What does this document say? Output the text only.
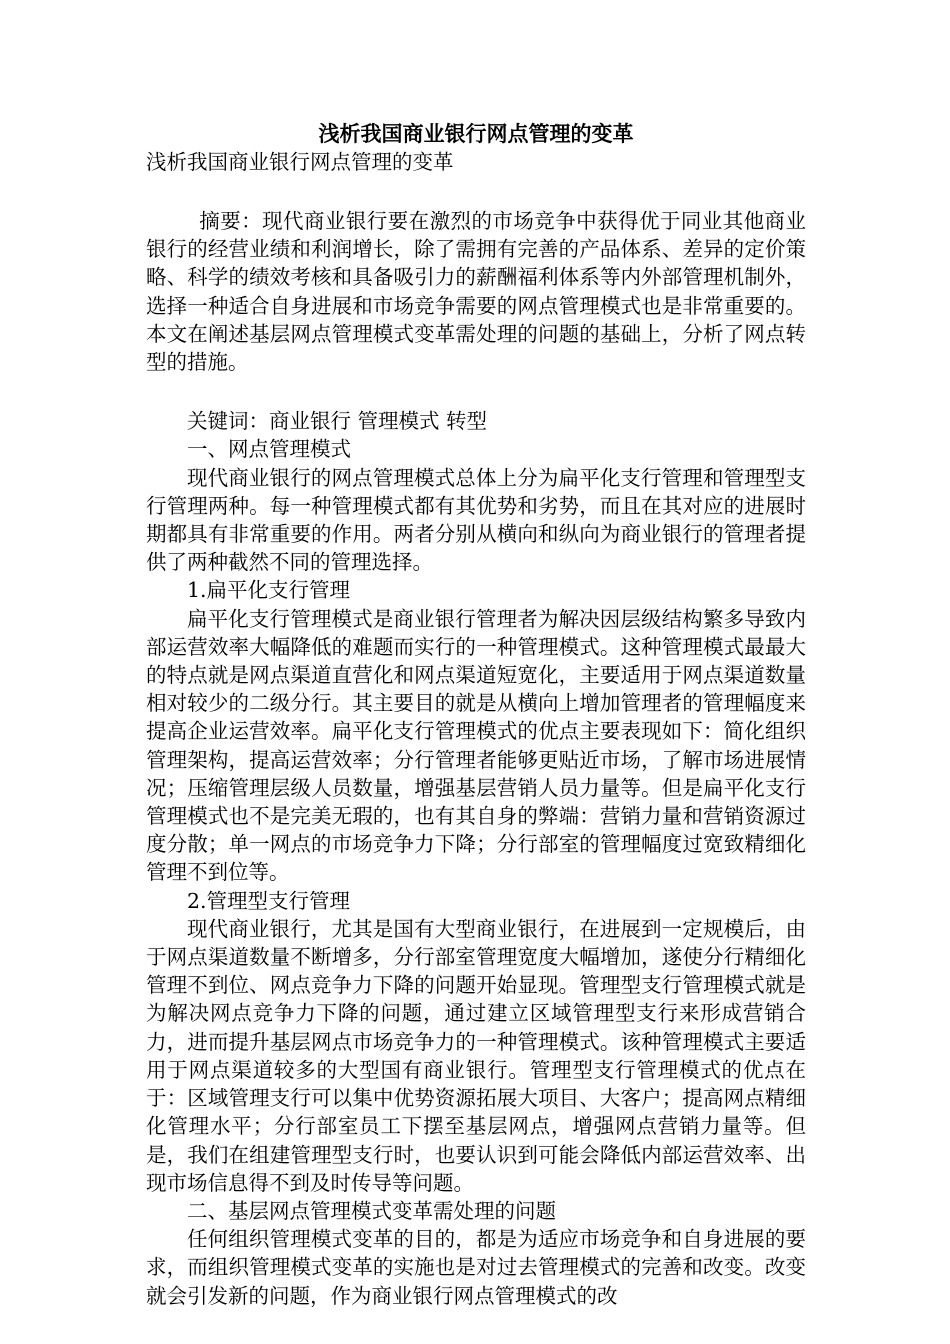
浅析我国商业银行网点管理的变革

浅析我国商业银行网点管理的变革

摘要：现代商业银行要在激烈的市场竞争中获得优于同业其他商业银行的经营业绩和利润增长，除了需拥有完善的产品体系、差异的定价策略、科学的绩效考核和具备吸引力的薪酬福利体系等内外部管理机制外，选择一种适合自身进展和市场竞争需要的网点管理模式也是非常重要的。本文在阐述基层网点管理模式变革需处理的问题的基础上，分析了网点转型的措施。

关键词：商业银行 管理模式 转型

一、网点管理模式

现代商业银行的网点管理模式总体上分为扁平化支行管理和管理型支行管理两种。每一种管理模式都有其优势和劣势，而且在其对应的进展时期都具有非常重要的作用。两者分别从横向和纵向为商业银行的管理者提供了两种截然不同的管理选择。

1.扁平化支行管理

扁平化支行管理模式是商业银行管理者为解决因层级结构繁多导致内部运营效率大幅降低的难题而实行的一种管理模式。这种管理模式最最大的特点就是网点渠道直营化和网点渠道短宽化，主要适用于网点渠道数量相对较少的二级分行。其主要目的就是从横向上增加管理者的管理幅度来提高企业运营效率。扁平化支行管理模式的优点主要表现如下：简化组织管理架构，提高运营效率；分行管理者能够更贴近市场，了解市场进展情况；压缩管理层级人员数量，增强基层营销人员力量等。但是扁平化支行管理模式也不是完美无瑕的，也有其自身的弊端：营销力量和营销资源过度分散；单一网点的市场竞争力下降；分行部室的管理幅度过宽致精细化管理不到位等。

2.管理型支行管理

现代商业银行，尤其是国有大型商业银行，在进展到一定规模后，由于网点渠道数量不断增多，分行部室管理宽度大幅增加，遂使分行精细化管理不到位、网点竞争力下降的问题开始显现。管理型支行管理模式就是为解决网点竞争力下降的问题，通过建立区域管理型支行来形成营销合力，进而提升基层网点市场竞争力的一种管理模式。该种管理模式主要适用于网点渠道较多的大型国有商业银行。管理型支行管理模式的优点在于：区域管理支行可以集中优势资源拓展大项目、大客户；提高网点精细化管理水平；分行部室员工下摆至基层网点，增强网点营销力量等。但是，我们在组建管理型支行时，也要认识到可能会降低内部运营效率、出现市场信息得不到及时传导等问题。

二、基层网点管理模式变革需处理的问题

任何组织管理模式变革的目的，都是为适应市场竞争和自身进展的要求，而组织管理模式变革的实施也是对过去管理模式的完善和改变。改变就会引发新的问题，作为商业银行网点管理模式的改
